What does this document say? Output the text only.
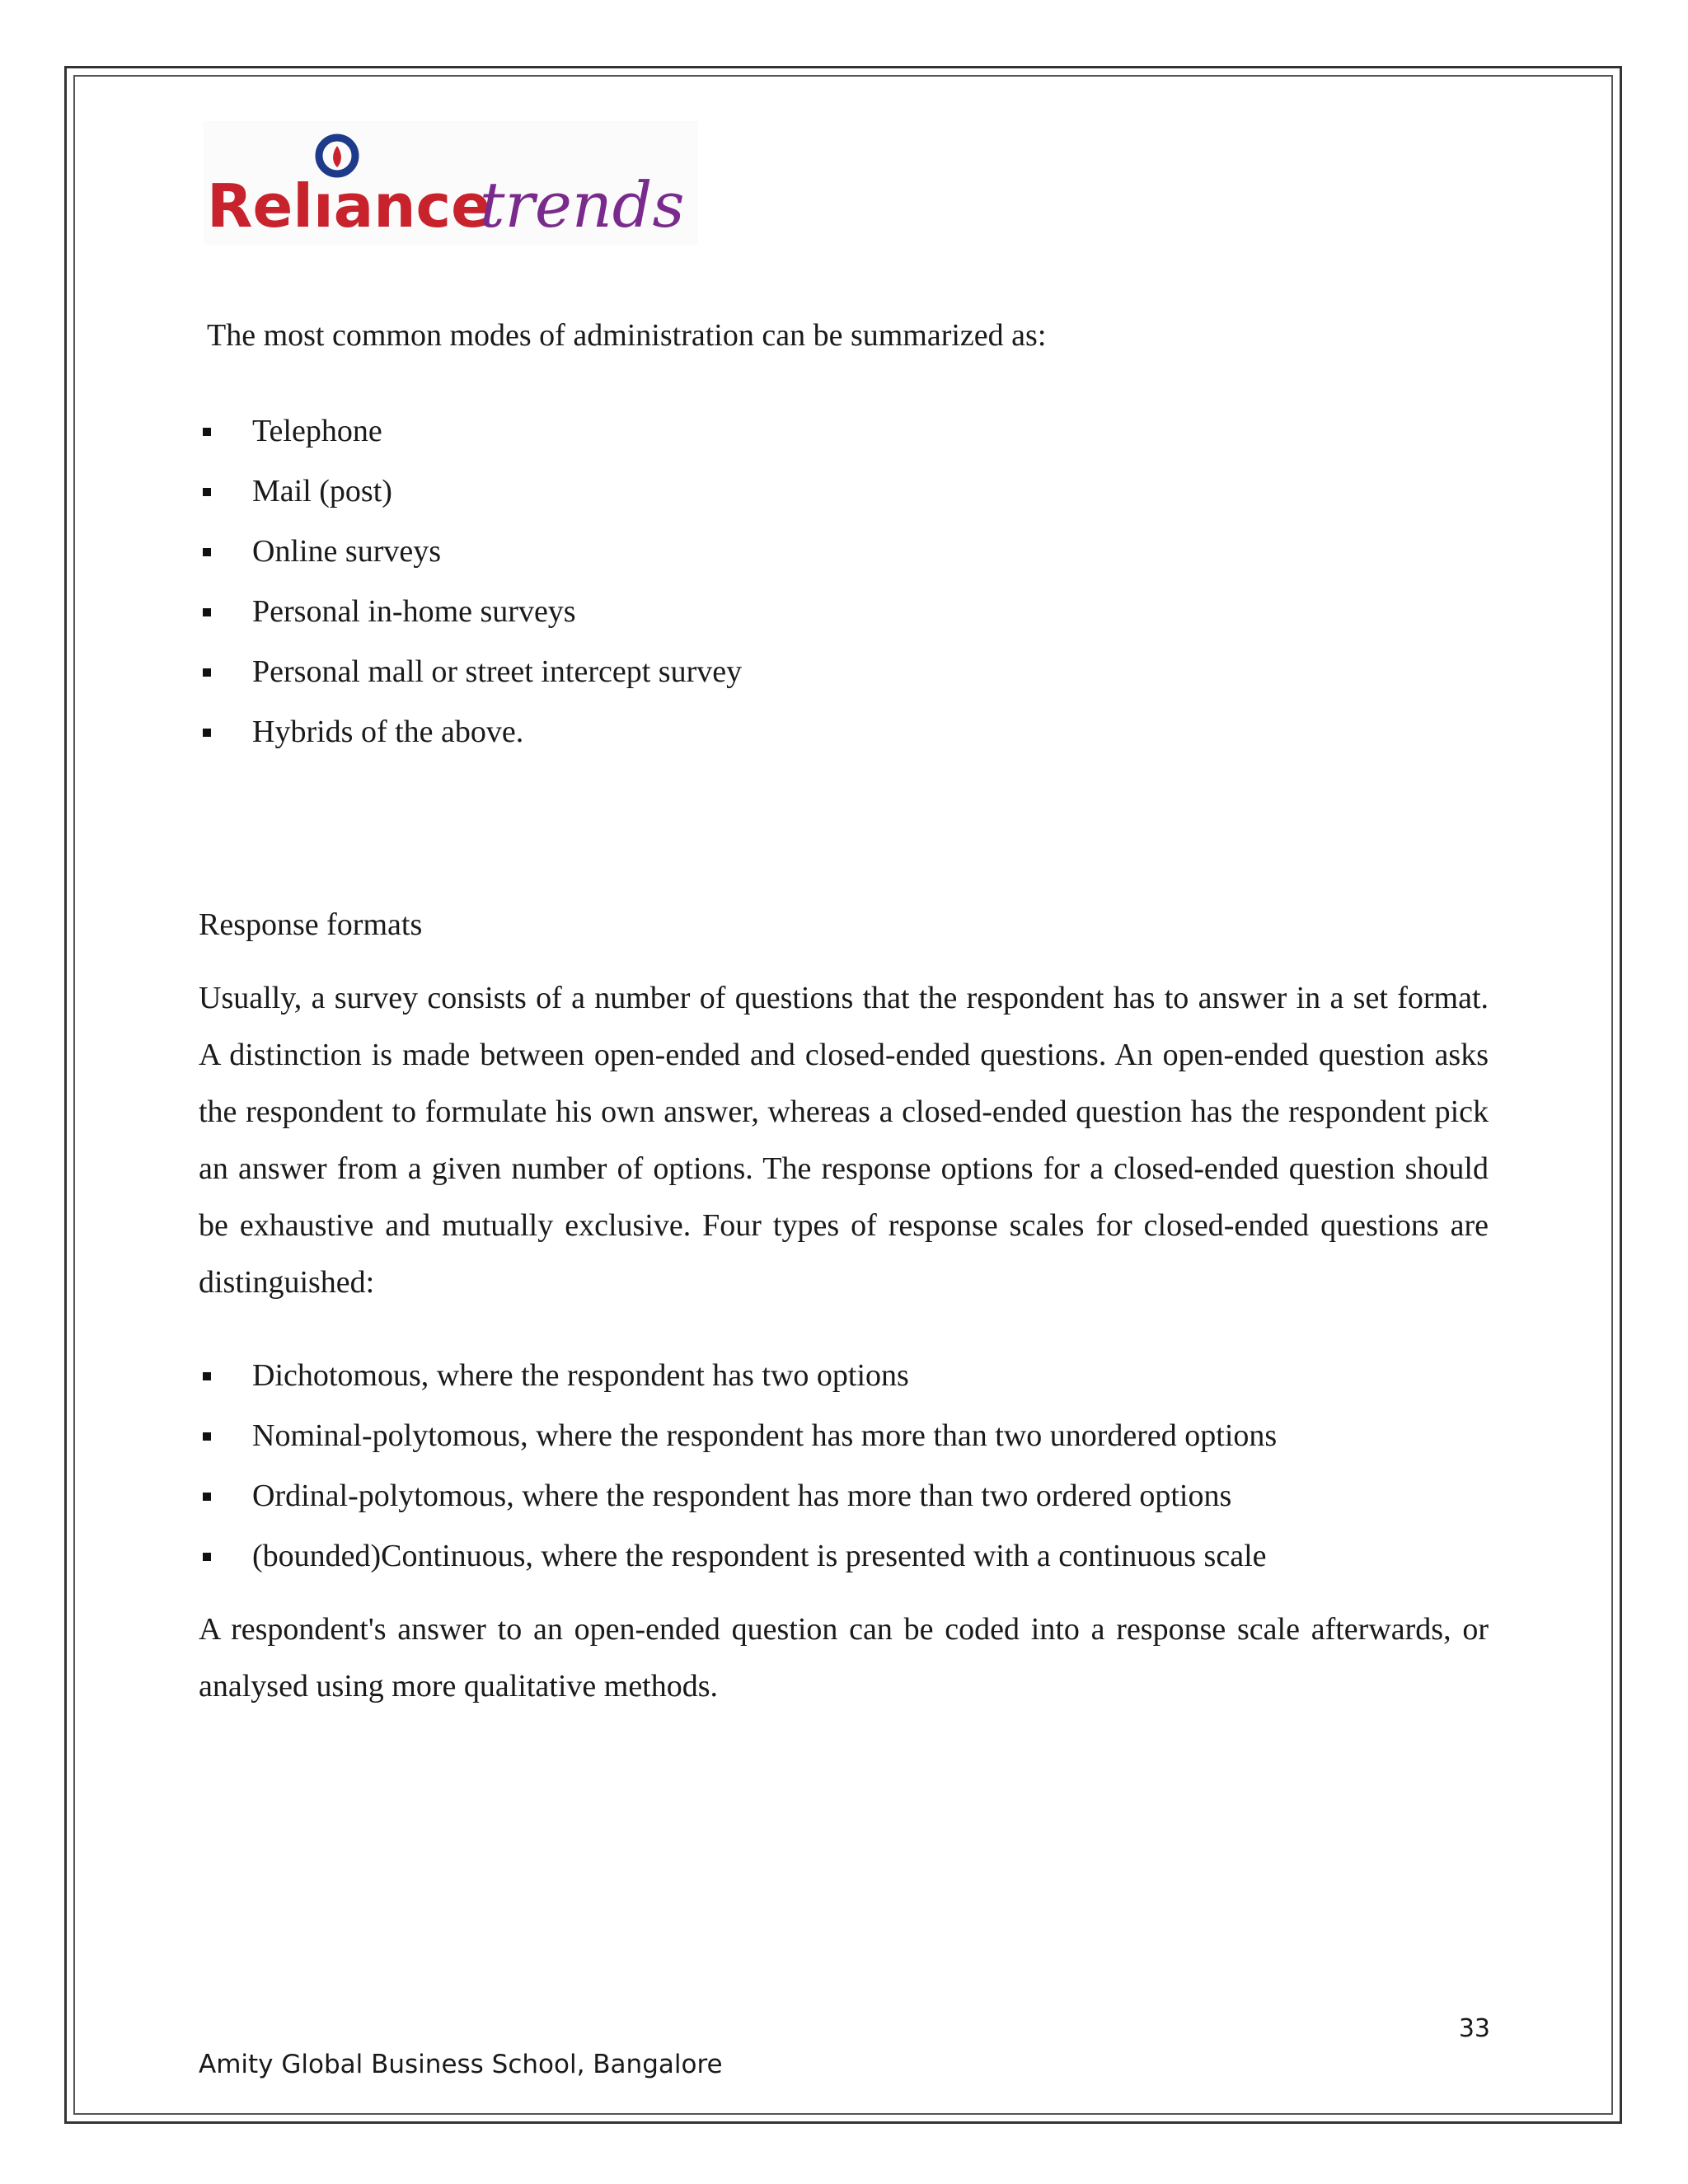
Relıance
trends

The most common modes of administration can be summarized as:

Telephone
Mail (post)
Online surveys
Personal in-home surveys
Personal mall or street intercept survey
Hybrids of the above.

Response formats

Usually, a survey consists of a number of questions that the respondent has to answer in a set format. A distinction is made between open-ended and closed-ended questions. An open-ended question asks the respondent to formulate his own answer, whereas a closed-ended question has the respondent pick an answer from a given number of options. The response options for a closed-ended question should be exhaustive and mutually exclusive. Four types of response scales for closed-ended questions are distinguished:

Dichotomous, where the respondent has two options
Nominal-polytomous, where the respondent has more than two unordered options
Ordinal-polytomous, where the respondent has more than two ordered options
(bounded)Continuous, where the respondent is presented with a continuous scale

A respondent's answer to an open-ended question can be coded into a response scale afterwards, or analysed using more qualitative methods.

33

Amity Global Business School, Bangalore
